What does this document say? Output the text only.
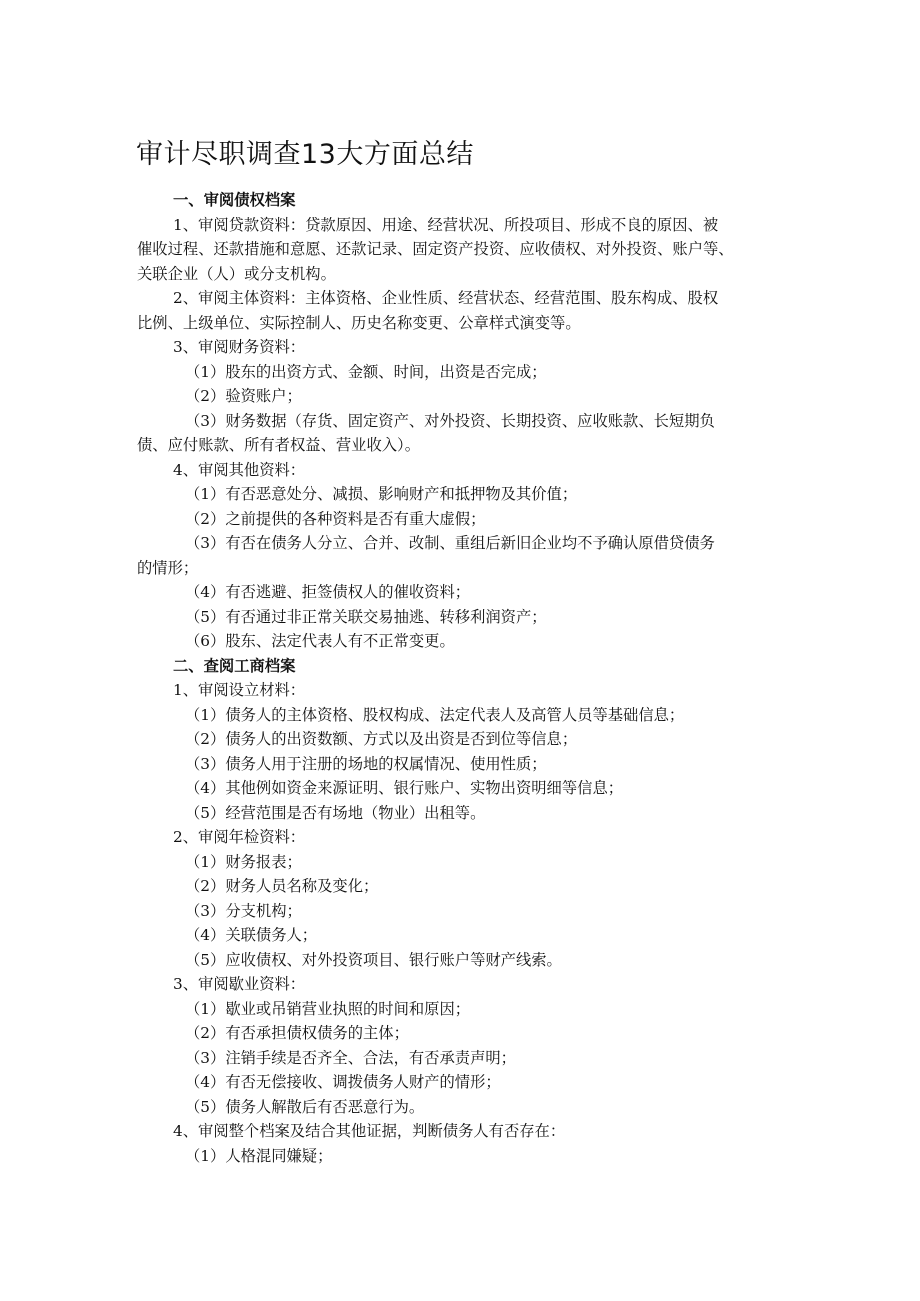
审计尽职调查13大方面总结

一、审阅债权档案

1、审阅贷款资料：贷款原因、用途、经营状况、所投项目、形成不良的原因、被

催收过程、还款措施和意愿、还款记录、固定资产投资、应收债权、对外投资、账户等、

关联企业（人）或分支机构。

2、审阅主体资料：主体资格、企业性质、经营状态、经营范围、股东构成、股权

比例、上级单位、实际控制人、历史名称变更、公章样式演变等。

3、审阅财务资料：

（1）股东的出资方式、金额、时间，出资是否完成；

（2）验资账户；

（3）财务数据（存货、固定资产、对外投资、长期投资、应收账款、长短期负

债、应付账款、所有者权益、营业收入）。

4、审阅其他资料：

（1）有否恶意处分、减损、影响财产和抵押物及其价值；

（2）之前提供的各种资料是否有重大虚假；

（3）有否在债务人分立、合并、改制、重组后新旧企业均不予确认原借贷债务

的情形；

（4）有否逃避、拒签债权人的催收资料；

（5）有否通过非正常关联交易抽逃、转移利润资产；

（6）股东、法定代表人有不正常变更。

二、查阅工商档案

1、审阅设立材料：

（1）债务人的主体资格、股权构成、法定代表人及高管人员等基础信息；

（2）债务人的出资数额、方式以及出资是否到位等信息；

（3）债务人用于注册的场地的权属情况、使用性质；

（4）其他例如资金来源证明、银行账户、实物出资明细等信息；

（5）经营范围是否有场地（物业）出租等。

2、审阅年检资料：

（1）财务报表；

（2）财务人员名称及变化；

（3）分支机构；

（4）关联债务人；

（5）应收债权、对外投资项目、银行账户等财产线索。

3、审阅歇业资料：

（1）歇业或吊销营业执照的时间和原因；

（2）有否承担债权债务的主体；

（3）注销手续是否齐全、合法，有否承责声明；

（4）有否无偿接收、调拨债务人财产的情形；

（5）债务人解散后有否恶意行为。

4、审阅整个档案及结合其他证据，判断债务人有否存在：

（1）人格混同嫌疑；
